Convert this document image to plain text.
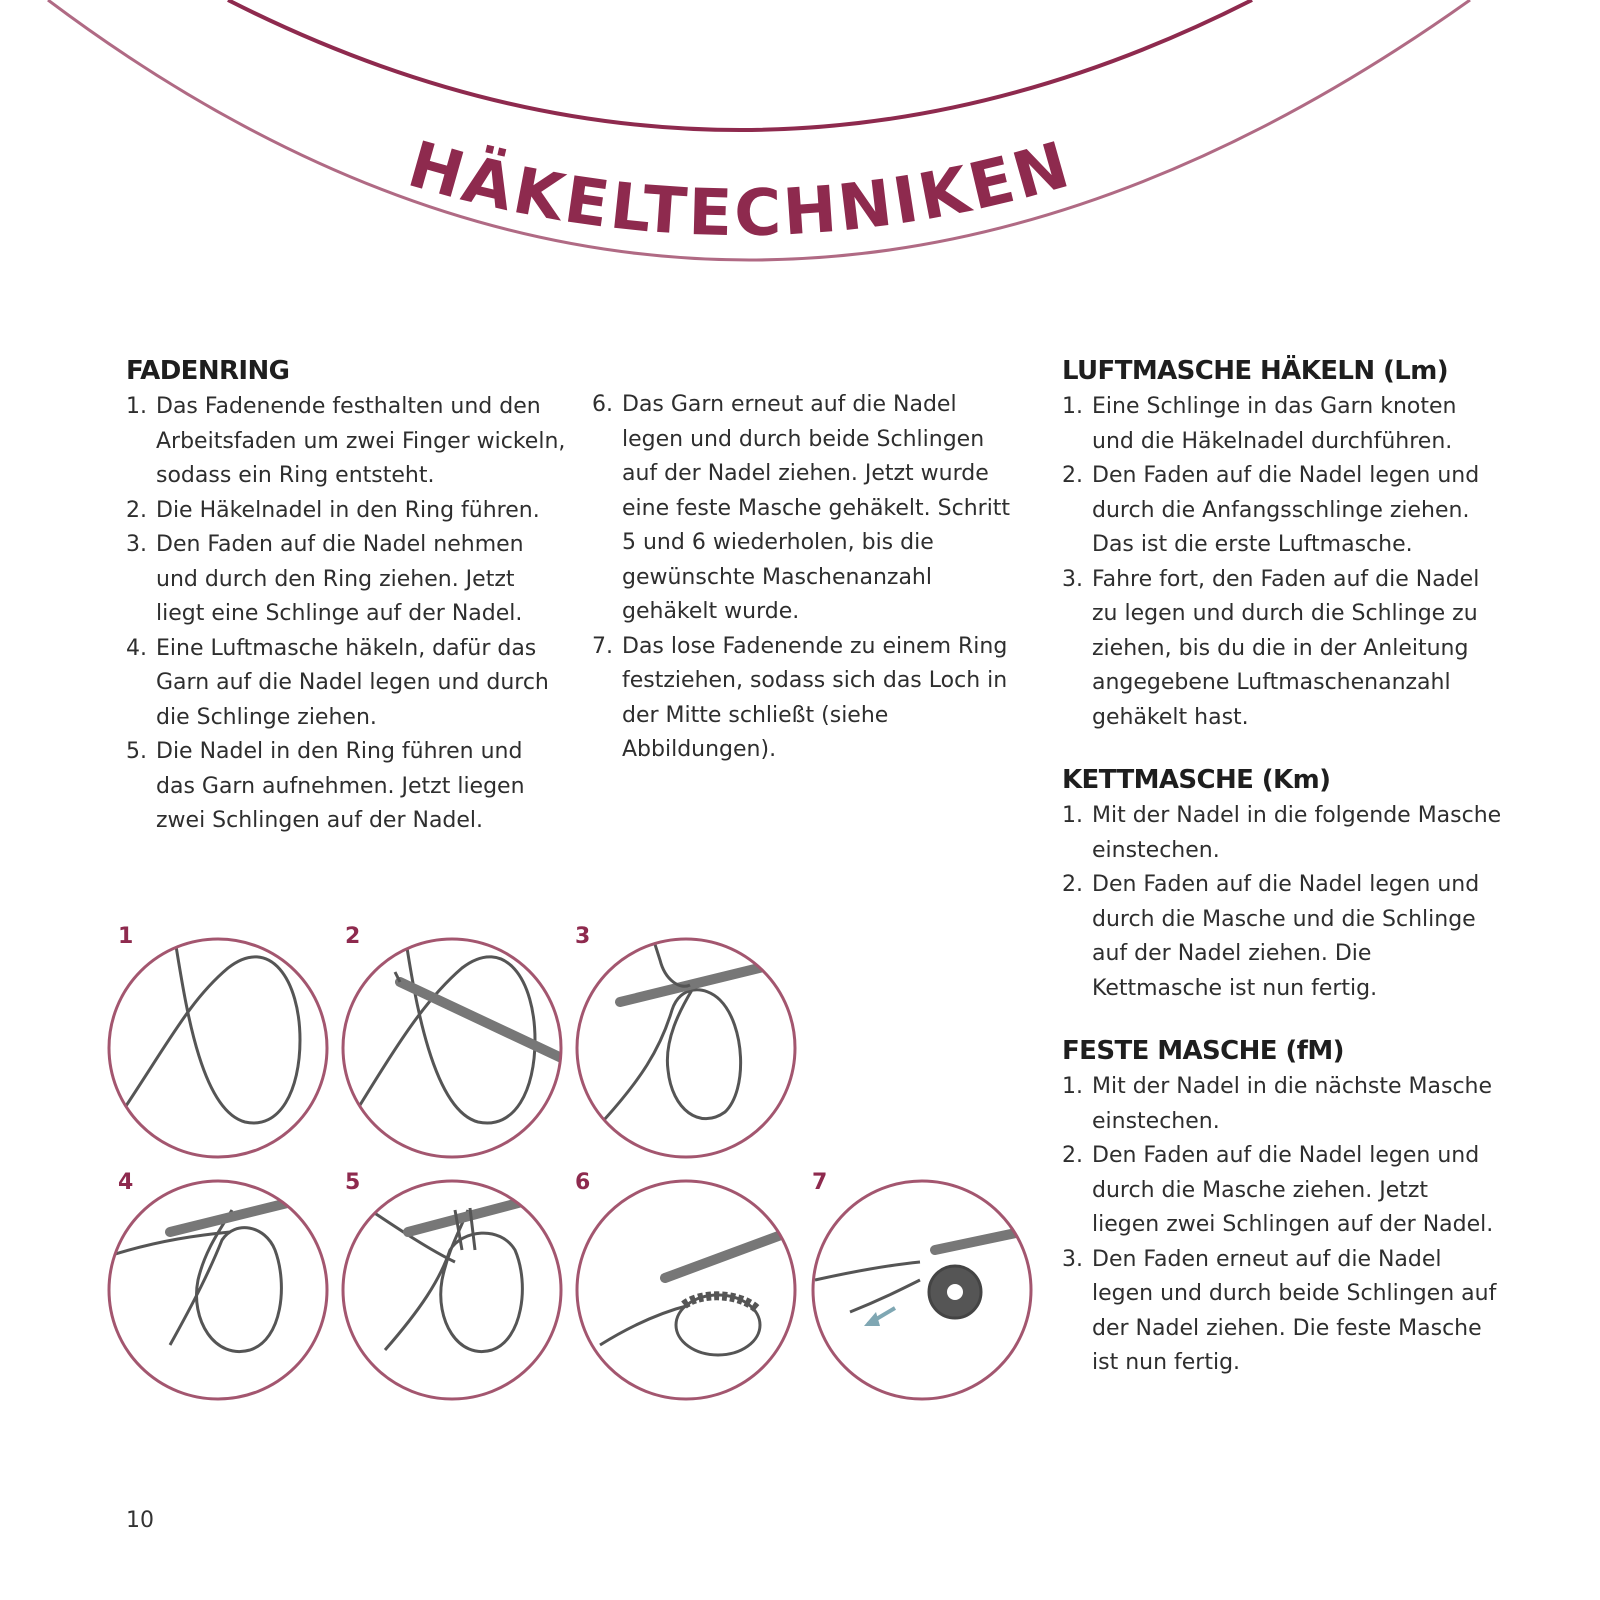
HÄKELTECHNIKEN
FADENRING
1. Das Fadenende festhalten und den Arbeitsfaden um zwei Finger wickeln, sodass ein Ring entsteht.
2. Die Häkelnadel in den Ring führen.
3. Den Faden auf die Nadel nehmen und durch den Ring ziehen. Jetzt liegt eine Schlinge auf der Nadel.
4. Eine Luftmasche häkeln, dafür das Garn auf die Nadel legen und durch die Schlinge ziehen.
5. Die Nadel in den Ring führen und das Garn aufnehmen. Jetzt liegen zwei Schlingen auf der Nadel.
6. Das Garn erneut auf die Nadel legen und durch beide Schlingen auf der Nadel ziehen. Jetzt wurde eine feste Masche gehäkelt. Schritt 5 und 6 wiederholen, bis die gewünschte Maschenanzahl gehäkelt wurde.
7. Das lose Fadenende zu einem Ring festziehen, sodass sich das Loch in der Mitte schließt (siehe Abbildungen).
LUFTMASCHE HÄKELN (Lm)
1. Eine Schlinge in das Garn knoten und die Häkelnadel durchführen.
2. Den Faden auf die Nadel legen und durch die Anfangsschlinge ziehen. Das ist die erste Luftmasche.
3. Fahre fort, den Faden auf die Nadel zu legen und durch die Schlinge zu ziehen, bis du die in der Anleitung angegebene Luftmaschenanzahl gehäkelt hast.
KETTMASCHE (Km)
1. Mit der Nadel in die folgende Masche einstechen.
2. Den Faden auf die Nadel legen und durch die Masche und die Schlinge auf der Nadel ziehen. Die Kettmasche ist nun fertig.
FESTE MASCHE (fM)
1. Mit der Nadel in die nächste Masche einstechen.
2. Den Faden auf die Nadel legen und durch die Masche ziehen. Jetzt liegen zwei Schlingen auf der Nadel.
3. Den Faden erneut auf die Nadel legen und durch beide Schlingen auf der Nadel ziehen. Die feste Masche ist nun fertig.
1	2	3
4	5	6	7
10
